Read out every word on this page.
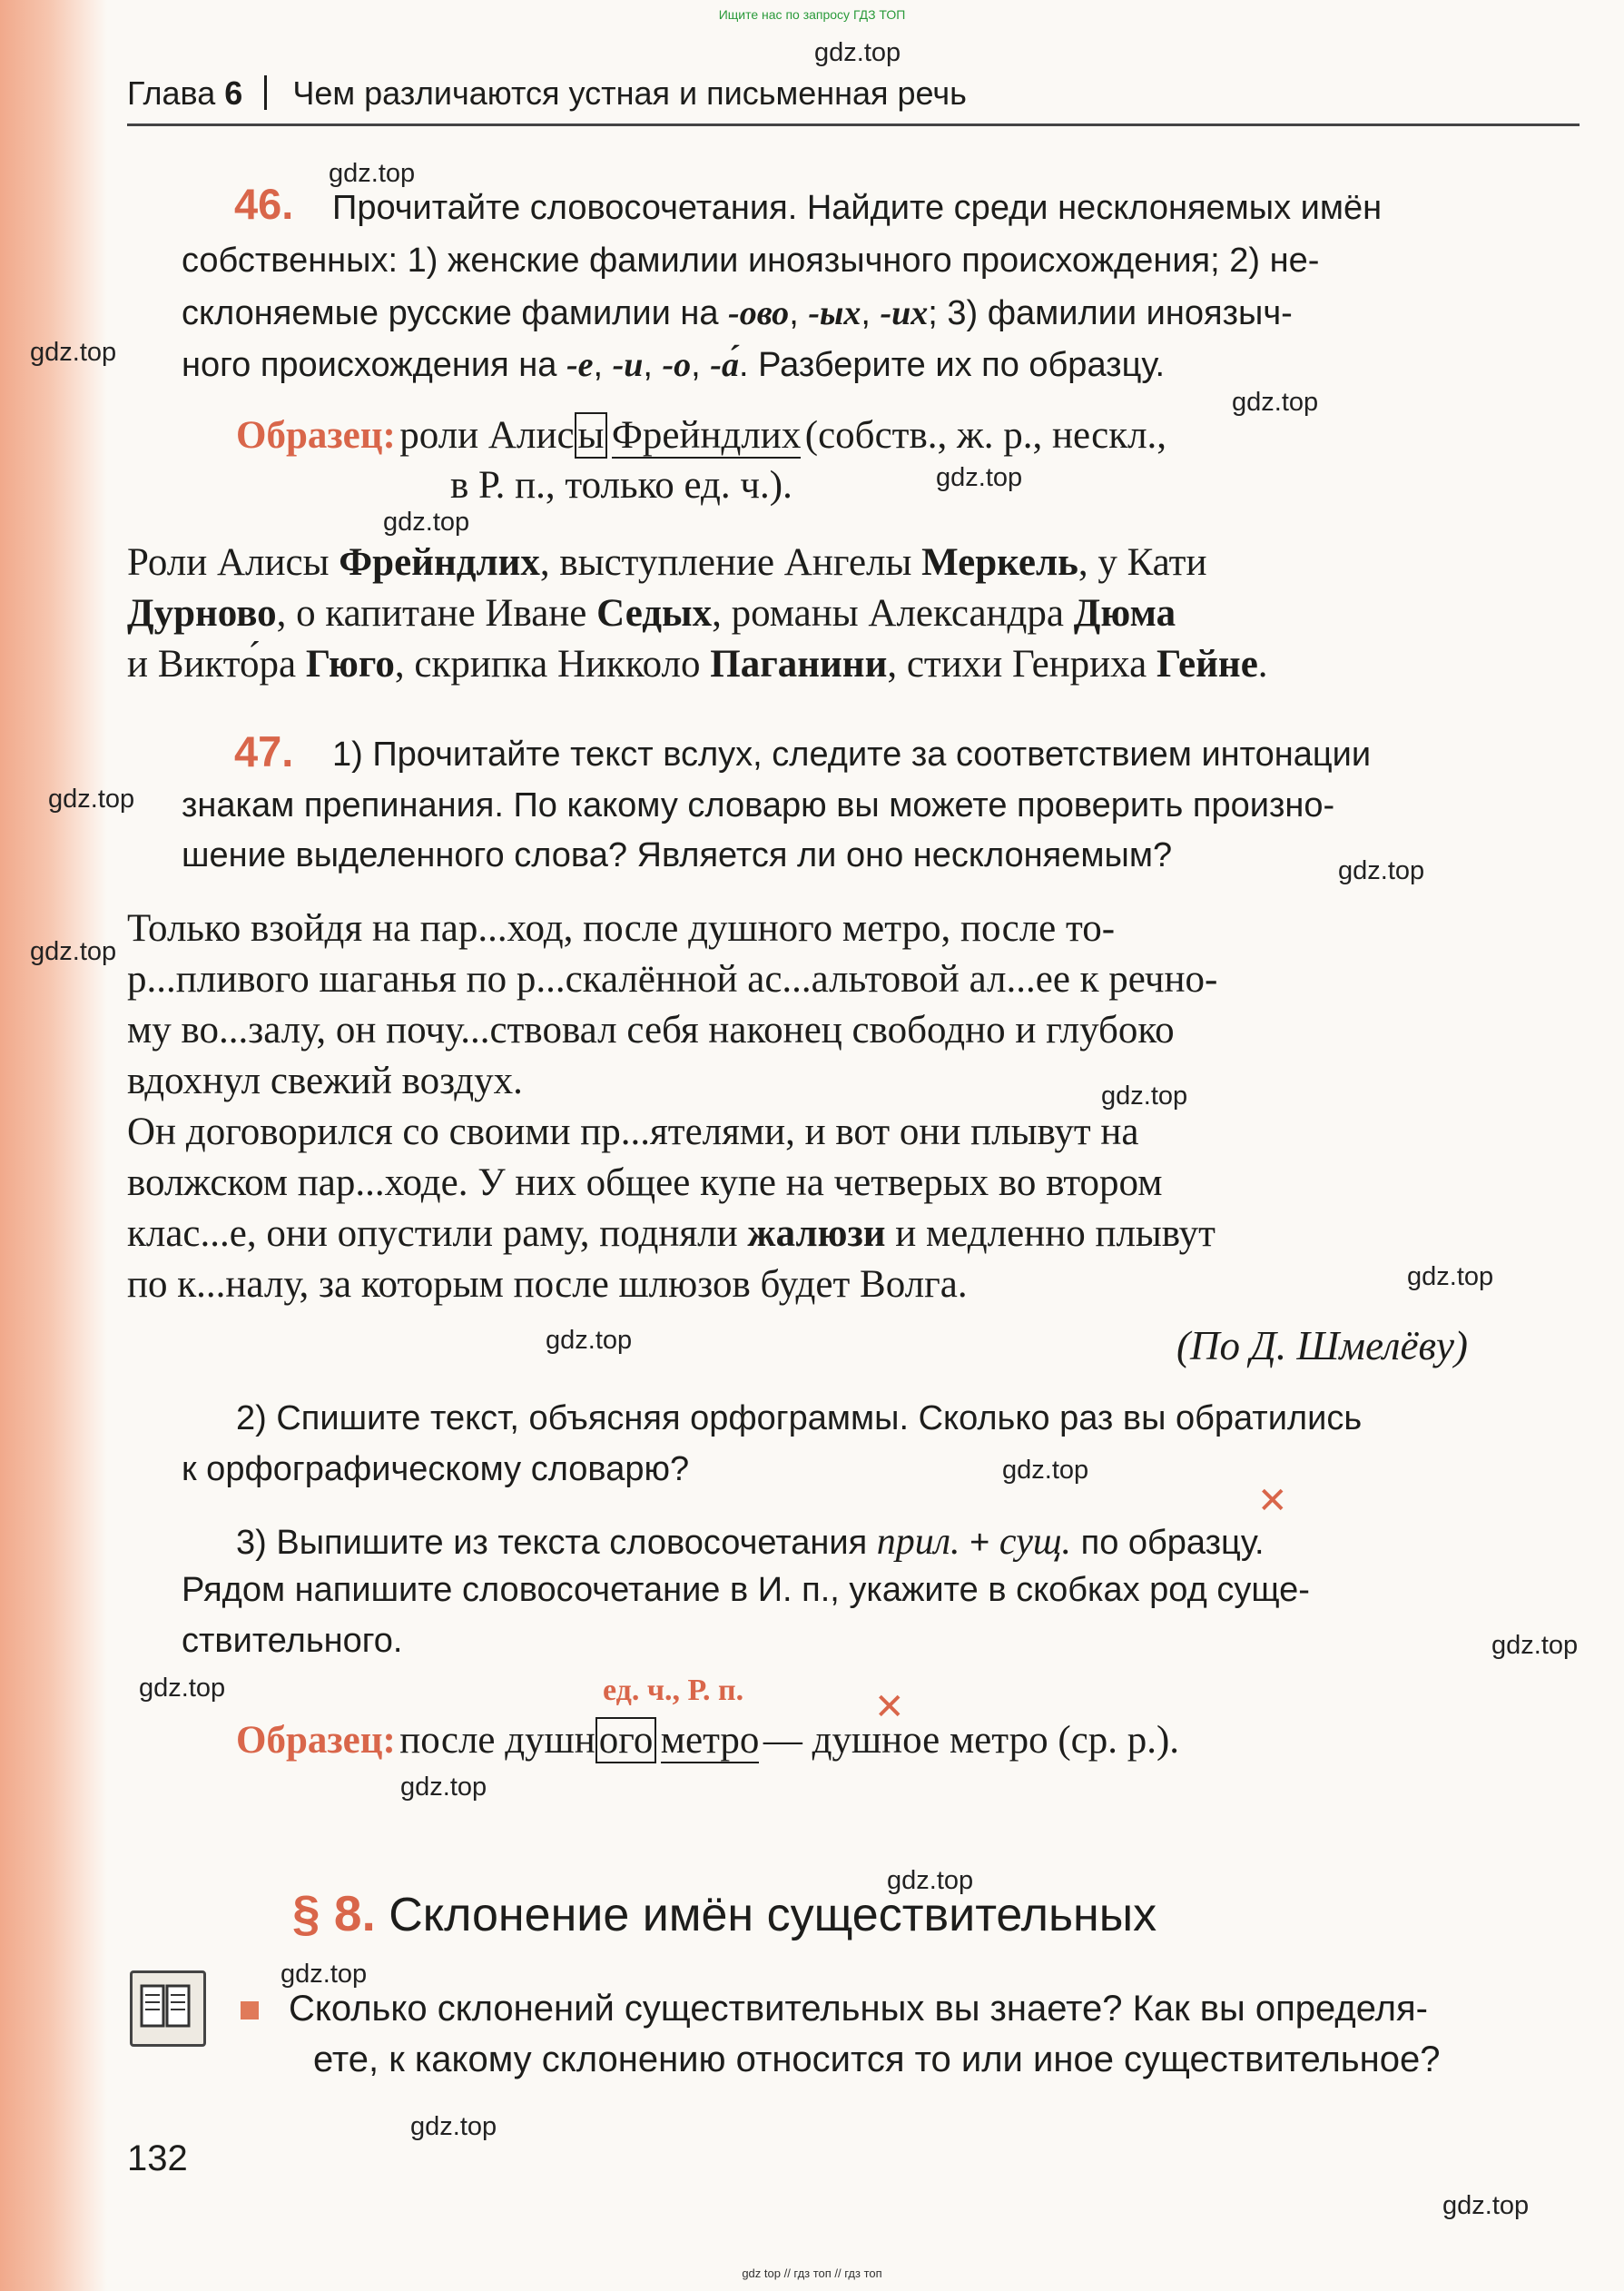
Ищите нас по запросу ГДЗ ТОП
Глава 6 Чем различаются устная и письменная речь
46. Прочитайте словосочетания. Найдите среди несклоняемых имён
собственных: 1) женские фамилии иноязычного происхождения; 2) не-
склоняемые русские фамилии на -ово, -ых, -их; 3) фамилии иноязыч-
ного происхождения на -е, -и, -о, -а́. Разберите их по образцу.
Образец: роли Алисы Фрейндлих (собств., ж. р., нескл.,
в Р. п., только ед. ч.).
Роли Алисы Фрейндлих, выступление Ангелы Меркель, у Кати
Дурново, о капитане Иване Седых, романы Александра Дюма
и Викто́ра Гюго, скрипка Никколо Паганини, стихи Генриха Гейне.
47. 1) Прочитайте текст вслух, следите за соответствием интонации
знакам препинания. По какому словарю вы можете проверить произно-
шение выделенного слова? Является ли оно несклоняемым?
Только взойдя на пар...ход, после душного метро, после то-
р...пливого шаганья по р...скалённой ас...альтовой ал...ее к речно-
му во...залу, он почу...ствовал себя наконец свободно и глубоко
вдохнул свежий воздух.
Он договорился со своими пр...ятелями, и вот они плывут на
волжском пар...ходе. У них общее купе на четверых во втором
клас...е, они опустили раму, подняли жалюзи и медленно плывут
по к...налу, за которым после шлюзов будет Волга.
(По Д. Шмелёву)
2) Спишите текст, объясняя орфограммы. Сколько раз вы обратились
к орфографическому словарю?
✕
3) Выпишите из текста словосочетания прил. + сущ. по образцу.
Рядом напишите словосочетание в И. п., укажите в скобках род суще-
ствительного.
ед. ч., Р. п.	✕
Образец: после душного метро — душное метро (ср. р.).
§ 8. Склонение имён существительных
Сколько склонений существительных вы знаете? Как вы определя-
ете, к какому склонению относится то или иное существительное?
132
gdz top // гдз топ // гдз топ
gdz.top
gdz.top
gdz.top
gdz.top
gdz.top
gdz.top
gdz.top
gdz.top
gdz.top
gdz.top
gdz.top
gdz.top
gdz.top
gdz.top
gdz.top
gdz.top
gdz.top
gdz.top
gdz.top
gdz.top
